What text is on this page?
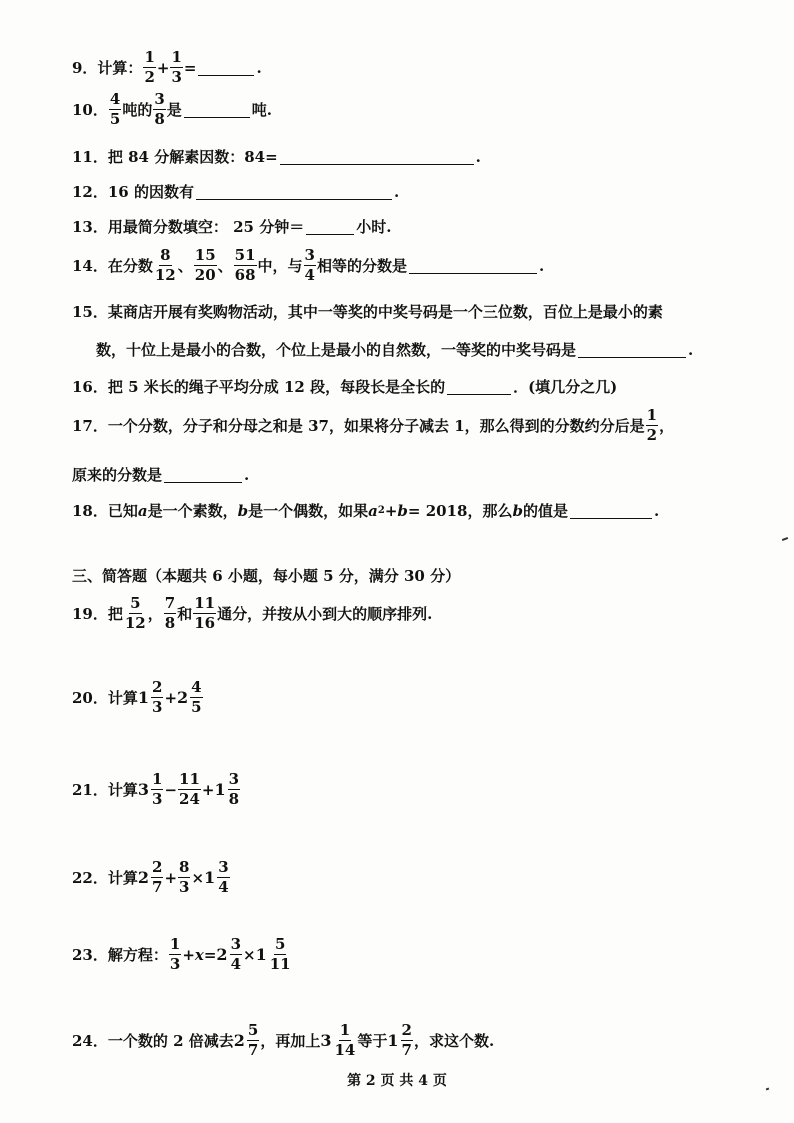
9．计算： $\frac{1}{2} + \frac{1}{3}$ =	.
10． $\frac{4}{5}$ 吨的 $\frac{3}{8}$ 是	吨.
11．把 84 分解素因数：84=	.
12．16 的因数有	.
13．用最简分数填空： 25 分钟＝	小时.
14．在分数 $\frac{8}{12}$ 、 $\frac{15}{20}$ 、 $\frac{51}{68}$ 中，与 $\frac{3}{4}$ 相等的分数是	.
15．某商店开展有奖购物活动，其中一等奖的中奖号码是一个三位数，百位上是最小的素
数，十位上是最小的合数，个位上是最小的自然数，一等奖的中奖号码是	.
16．把 5 米长的绳子平均分成 12 段，每段长是全长的	．(填几分之几)
17．一个分数，分子和分母之和是 37，如果将分子减去 1，那么得到的分数约分后是 $\frac{1}{2}$ ，
原来的分数是	.
18．已知 a 是一个素数， b 是一个偶数，如果 a 2 + b = 2018，那么 b 的值是	.
三、简答题（本题共 6 小题，每小题 5 分，满分 30 分）
19．把 $\frac{5}{12}$ ， $\frac{7}{8}$ 和 $\frac{11}{16}$ 通分，并按从小到大的顺序排列.
20．计算 $1 \frac{2}{3} + 2 \frac{4}{5}$
21．计算 $3 \frac{1}{3} - \frac{11}{24} + 1 \frac{3}{8}$
22．计算 $2 \frac{2}{7} + \frac{8}{3} \times 1 \frac{3}{4}$
23．解方程： $\frac{1}{3} + x = 2 \frac{3}{4} \times 1 \frac{5}{11}$
24．一个数的 2 倍减去 $2 \frac{5}{7}$ ，再加上 $3 \frac{1}{14}$ 等于 $1 \frac{2}{7}$ ，求这个数.
第 2 页 共 4 页
